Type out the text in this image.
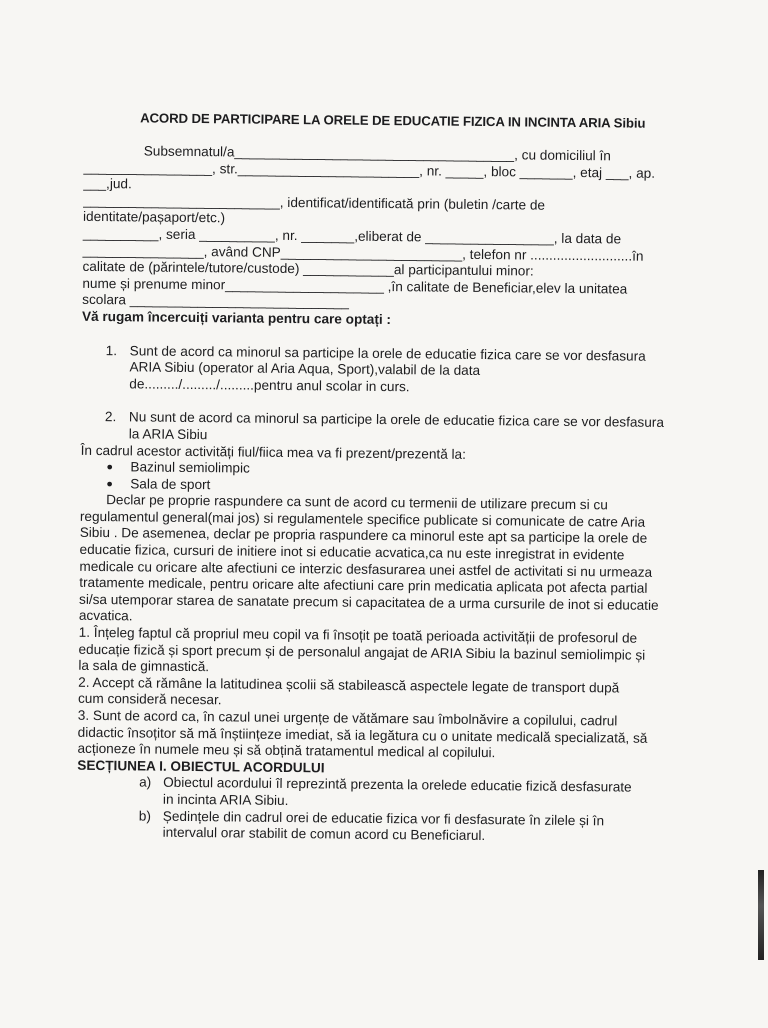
ACORD DE PARTICIPARE LA ORELE DE EDUCATIE FIZICA IN INCINTA ARIA Sibiu

Subsemnatul/a_____________________________________, cu domiciliul în

_________________, str.________________________, nr. _____, bloc _______, etaj ___, ap. ___,jud.

__________________________, identificat/identificată prin (buletin /carte de identitate/pașaport/etc.)

__________, seria __________, nr. _______,eliberat de _________________, la data de

________________, având CNP________________________, telefon nr ...........................în

calitate de (părintele/tutore/custode) ____________al participantului minor:

nume și prenume minor_____________________ ,în calitate de Beneficiar,elev la unitatea

scolara _____________________________

Vă rugam încercuiți varianta pentru care optați :

1. Sunt de acord ca minorul sa participe la orele de educatie fizica care se vor desfasura

ARIA Sibiu (operator al Aria Aqua, Sport),valabil de la data

de........./........./.........pentru anul scolar in curs.

2. Nu sunt de acord ca minorul sa participe la orele de educatie fizica care se vor desfasura

la ARIA Sibiu

În cadrul acestor activități fiul/fiica mea va fi prezent/prezentă la:

●	Bazinul semiolimpic
●	Sala de sport

Declar pe proprie raspundere ca sunt de acord cu termenii de utilizare precum si cu

regulamentul general(mai jos) si regulamentele specifice publicate si comunicate de catre Aria

Sibiu . De asemenea, declar pe propria raspundere ca minorul este apt sa participe la orele de

educatie fizica, cursuri de initiere inot si educatie acvatica,ca nu este inregistrat in evidente

medicale cu oricare alte afectiuni ce interzic desfasurarea unei astfel de activitati si nu urmeaza

tratamente medicale, pentru oricare alte afectiuni care prin medicatia aplicata pot afecta partial

si/sa utemporar starea de sanatate precum si capacitatea de a urma cursurile de inot si educatie

acvatica.

1. Înțeleg faptul că propriul meu copil va fi însoțit pe toată perioada activității de profesorul de

educație fizică și sport precum și de personalul angajat de ARIA Sibiu la bazinul semiolimpic și

la sala de gimnastică.

2. Accept că rămâne la latitudinea școlii să stabilească aspectele legate de transport după

cum consideră necesar.

3. Sunt de acord ca, în cazul unei urgențe de vătămare sau îmbolnăvire a copilului, cadrul

didactic însoțitor să mă înștiințeze imediat, să ia legătura cu o unitate medicală specializată, să

acționeze în numele meu și să obțină tratamentul medical al copilului.

SECȚIUNEA I. OBIECTUL ACORDULUI

a) Obiectul acordului îl reprezintă prezenta la orelede educatie fizică desfasurate

in incinta ARIA Sibiu.

b) Ședințele din cadrul orei de educatie fizica vor fi desfasurate în zilele și în

intervalul orar stabilit de comun acord cu Beneficiarul.
